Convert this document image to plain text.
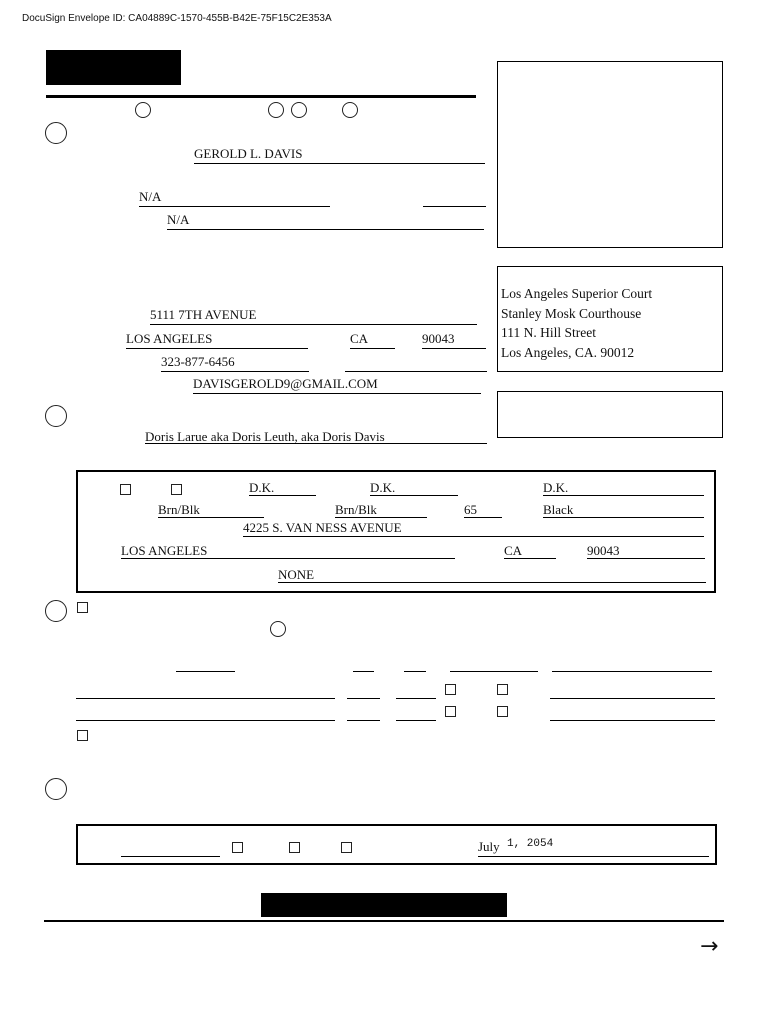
DocuSign Envelope ID: CA04889C-1570-455B-B42E-75F15C2E353A
Los Angeles Superior Court
Stanley Mosk Courthouse
111 N. Hill Street
Los Angeles, CA. 90012
GEROLD L. DAVIS
N/A
N/A
5111 7TH AVENUE
LOS ANGELES	CA	90043
323-877-6456
DAVISGEROLD9@GMAIL.COM
Doris Larue aka Doris Leuth, aka Doris Davis
D.K.	D.K.	D.K.
Brn/Blk	Brn/Blk	65	Black
4225 S. VAN NESS AVENUE
LOS ANGELES	CA	90043
NONE
July 1, 2054
→
